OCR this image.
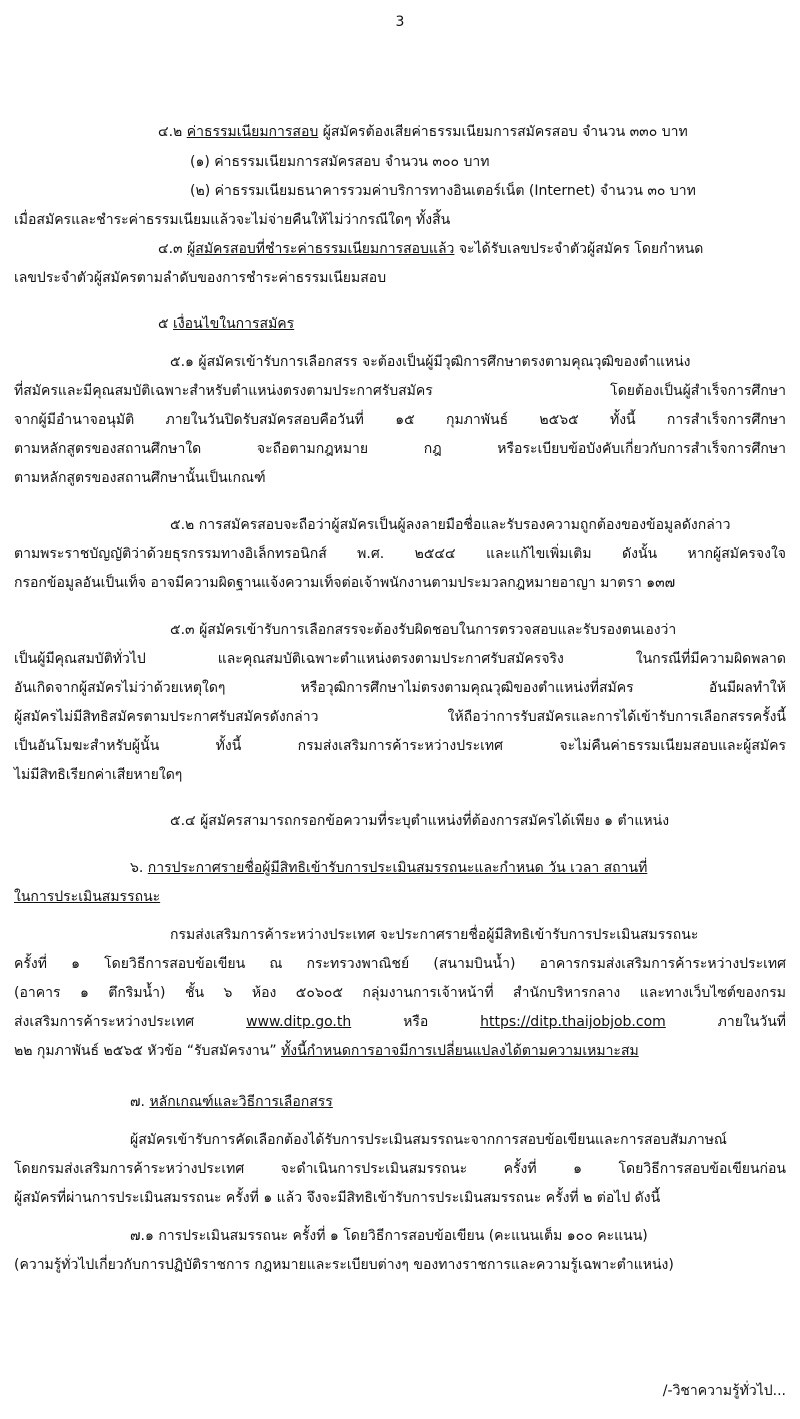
3
๔.๒ ค่าธรรมเนียมการสอบ ผู้สมัครต้องเสียค่าธรรมเนียมการสมัครสอบ จำนวน ๓๓๐ บาท
(๑) ค่าธรรมเนียมการสมัครสอบ จำนวน ๓๐๐ บาท
(๒) ค่าธรรมเนียมธนาคารรวมค่าบริการทางอินเตอร์เน็ต (Internet) จำนวน ๓๐ บาท
เมื่อสมัครและชำระค่าธรรมเนียมแล้วจะไม่จ่ายคืนให้ไม่ว่ากรณีใดๆ ทั้งสิ้น
๔.๓ ผู้สมัครสอบที่ชำระค่าธรรมเนียมการสอบแล้ว จะได้รับเลขประจำตัวผู้สมัคร โดยกำหนด
เลขประจำตัวผู้สมัครตามลำดับของการชำระค่าธรรมเนียมสอบ
๕ เงื่อนไขในการสมัคร
๕.๑ ผู้สมัครเข้ารับการเลือกสรร จะต้องเป็นผู้มีวุฒิการศึกษาตรงตามคุณวุฒิของตำแหน่ง
ที่สมัครและมีคุณสมบัติเฉพาะสำหรับตำแหน่งตรงตามประกาศรับสมัคร โดยต้องเป็นผู้สำเร็จการศึกษา
จากผู้มีอำนาจอนุมัติ ภายในวันปิดรับสมัครสอบคือวันที่ ๑๕ กุมภาพันธ์ ๒๕๖๕ ทั้งนี้ การสำเร็จการศึกษา
ตามหลักสูตรของสถานศึกษาใด จะถือตามกฎหมาย กฎ หรือระเบียบข้อบังคับเกี่ยวกับการสำเร็จการศึกษา
ตามหลักสูตรของสถานศึกษานั้นเป็นเกณฑ์
๕.๒ การสมัครสอบจะถือว่าผู้สมัครเป็นผู้ลงลายมือชื่อและรับรองความถูกต้องของข้อมูลดังกล่าว
ตามพระราชบัญญัติว่าด้วยธุรกรรมทางอิเล็กทรอนิกส์ พ.ศ. ๒๕๔๔ และแก้ไขเพิ่มเติม ดังนั้น หากผู้สมัครจงใจ
กรอกข้อมูลอันเป็นเท็จ อาจมีความผิดฐานแจ้งความเท็จต่อเจ้าพนักงานตามประมวลกฎหมายอาญา มาตรา ๑๓๗
๕.๓ ผู้สมัครเข้ารับการเลือกสรรจะต้องรับผิดชอบในการตรวจสอบและรับรองตนเองว่า
เป็นผู้มีคุณสมบัติทั่วไป และคุณสมบัติเฉพาะตำแหน่งตรงตามประกาศรับสมัครจริง ในกรณีที่มีความผิดพลาด
อันเกิดจากผู้สมัครไม่ว่าด้วยเหตุใดๆ หรือวุฒิการศึกษาไม่ตรงตามคุณวุฒิของตำแหน่งที่สมัคร อันมีผลทำให้
ผู้สมัครไม่มีสิทธิสมัครตามประกาศรับสมัครดังกล่าว ให้ถือว่าการรับสมัครและการได้เข้ารับการเลือกสรรครั้งนี้
เป็นอันโมฆะสำหรับผู้นั้น ทั้งนี้ กรมส่งเสริมการค้าระหว่างประเทศ จะไม่คืนค่าธรรมเนียมสอบและผู้สมัคร
ไม่มีสิทธิเรียกค่าเสียหายใดๆ
๕.๔ ผู้สมัครสามารถกรอกข้อความที่ระบุตำแหน่งที่ต้องการสมัครได้เพียง ๑ ตำแหน่ง
๖. การประกาศรายชื่อผู้มีสิทธิเข้ารับการประเมินสมรรถนะและกำหนด วัน เวลา สถานที่
ในการประเมินสมรรถนะ
กรมส่งเสริมการค้าระหว่างประเทศ จะประกาศรายชื่อผู้มีสิทธิเข้ารับการประเมินสมรรถนะ
ครั้งที่ ๑ โดยวิธีการสอบข้อเขียน ณ กระทรวงพาณิชย์ (สนามบินน้ำ) อาคารกรมส่งเสริมการค้าระหว่างประเทศ
(อาคาร ๑ ตึกริมน้ำ) ชั้น ๖ ห้อง ๕๐๖๐๕ กลุ่มงานการเจ้าหน้าที่ สำนักบริหารกลาง และทางเว็บไซต์ของกรม
ส่งเสริมการค้าระหว่างประเทศ www.ditp.go.th หรือ https://ditp.thaijobjob.com ภายในวันที่
๒๒ กุมภาพันธ์ ๒๕๖๕ หัวข้อ “รับสมัครงาน” ทั้งนี้กำหนดการอาจมีการเปลี่ยนแปลงได้ตามความเหมาะสม
๗. หลักเกณฑ์และวิธีการเลือกสรร
ผู้สมัครเข้ารับการคัดเลือกต้องได้รับการประเมินสมรรถนะจากการสอบข้อเขียนและการสอบสัมภาษณ์
โดยกรมส่งเสริมการค้าระหว่างประเทศ จะดำเนินการประเมินสมรรถนะ ครั้งที่ ๑ โดยวิธีการสอบข้อเขียนก่อน
ผู้สมัครที่ผ่านการประเมินสมรรถนะ ครั้งที่ ๑ แล้ว จึงจะมีสิทธิเข้ารับการประเมินสมรรถนะ ครั้งที่ ๒ ต่อไป ดังนี้
๗.๑ การประเมินสมรรถนะ ครั้งที่ ๑ โดยวิธีการสอบข้อเขียน (คะแนนเต็ม ๑๐๐ คะแนน)
(ความรู้ทั่วไปเกี่ยวกับการปฏิบัติราชการ กฎหมายและระเบียบต่างๆ ของทางราชการและความรู้เฉพาะตำแหน่ง)
/-วิชาความรู้ทั่วไป...
